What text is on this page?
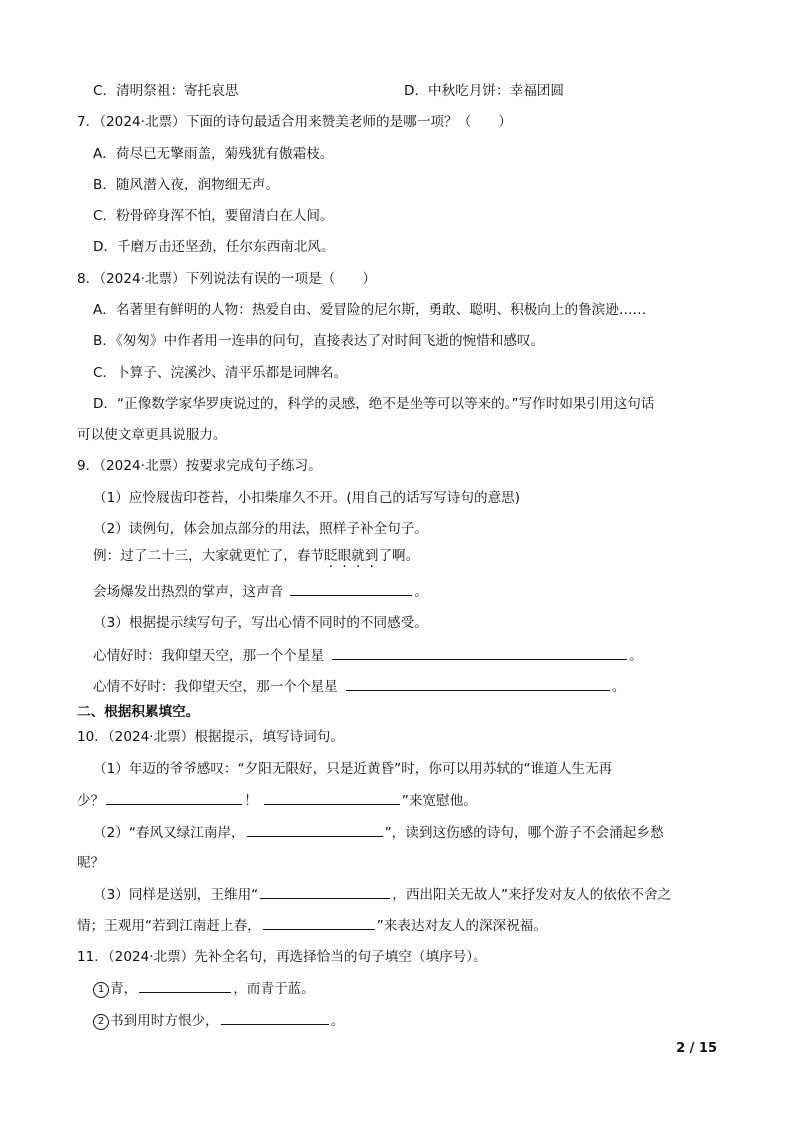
C．清明祭祖：寄托哀思	D．中秋吃月饼：幸福团圆
7．（2024·北票）下面的诗句最适合用来赞美老师的是哪一项？（　　）
A．荷尽已无擎雨盖，菊残犹有傲霜枝。
B．随风潜入夜，润物细无声。
C．粉骨碎身浑不怕，要留清白在人间。
D．千磨万击还坚劲，任尔东西南北风。
8．（2024·北票）下列说法有误的一项是（　　）
A．名著里有鲜明的人物：热爱自由、爱冒险的尼尔斯，勇敢、聪明、积极向上的鲁滨逊……
B．《匆匆》中作者用一连串的问句，直接表达了对时间飞逝的惋惜和感叹。
C．卜算子、浣溪沙、清平乐都是词牌名。
D．“正像数学家华罗庚说过的，科学的灵感，绝不是坐等可以等来的。”写作时如果引用这句话
可以使文章更具说服力。
9．（2024·北票）按要求完成句子练习。
（1）应怜屐齿印苍苔，小扣柴扉久不开。(用自己的话写写诗句的意思)
（2）读例句，体会加点部分的用法，照样子补全句子。
例：过了二十三，大家就更忙了，春节眨眼就到了啊。
会场爆发出热烈的掌声，这声音	。
（3）根据提示续写句子，写出心情不同时的不同感受。
心情好时：我仰望天空，那一个个星星	。
心情不好时：我仰望天空，那一个个星星	。
二、根据积累填空。
10．（2024·北票）根据提示，填写诗词句。
（1）年迈的爷爷感叹：“夕阳无限好，只是近黄昏”时，你可以用苏轼的“谁道人生无再
少？	！	”来宽慰他。
（2）“春风又绿江南岸，	”，读到这伤感的诗句，哪个游子不会涌起乡愁
呢？
（3）同样是送别，王维用“	，西出阳关无故人”来抒发对友人的依依不舍之
情；王观用“若到江南赶上春，	”来表达对友人的深深祝福。
11．（2024·北票）先补全名句，再选择恰当的句子填空（填序号）。
1 青，	，而青于蓝。
2 书到用时方恨少，	。
2 / 15
